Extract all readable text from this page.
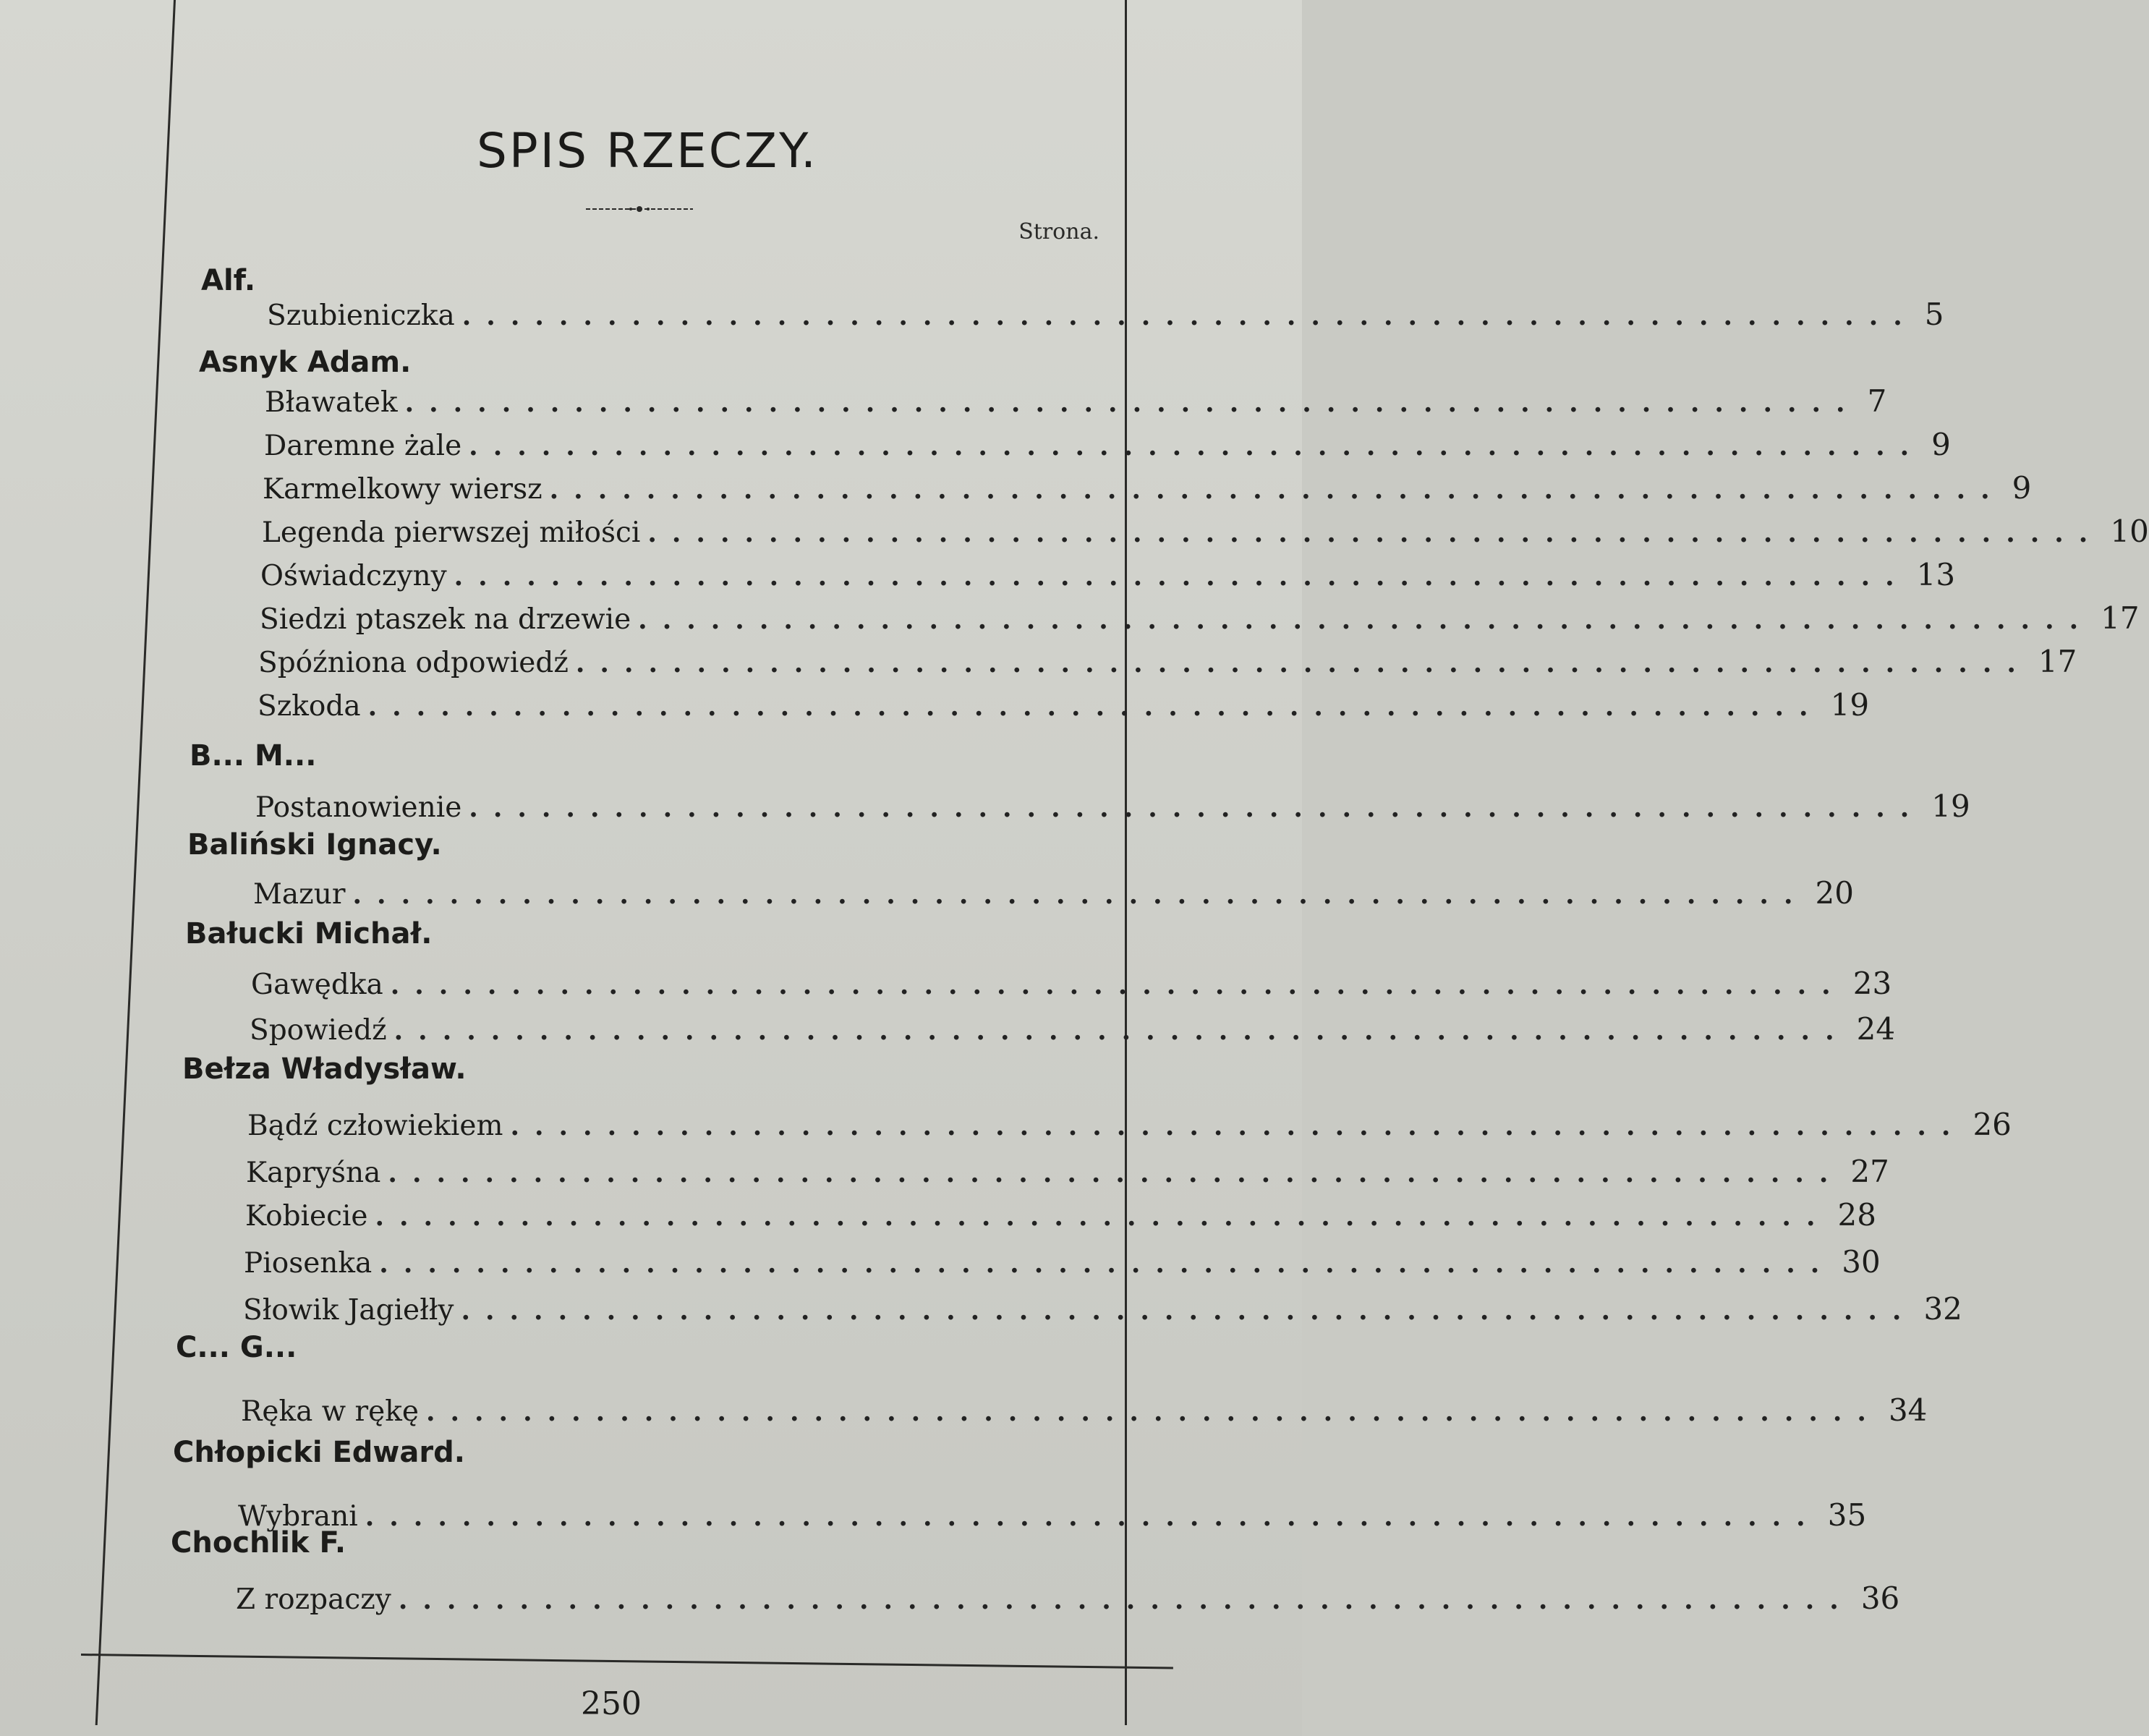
SPIS RZECZY.
Strona.
Alf.
Szubieniczka ............................................................ 5
Asnyk Adam.
Bławatek ............................................................ 7
Daremne żale ............................................................ 9
Karmelkowy wiersz ............................................................ 9
Legenda pierwszej miłości ............................................................ 10
Oświadczyny ............................................................ 13
Siedzi ptaszek na drzewie ............................................................ 17
Spóźniona odpowiedź ............................................................ 17
Szkoda ............................................................ 19
B... M...
Postanowienie ............................................................ 19
Baliński Ignacy.
Mazur ............................................................ 20
Bałucki Michał.
Gawędka ............................................................ 23
Spowiedź ............................................................ 24
Bełza Władysław.
Bądź człowiekiem ............................................................ 26
Kapryśna ............................................................ 27
Kobiecie ............................................................ 28
Piosenka ............................................................ 30
Słowik Jagiełły ............................................................ 32
C... G...
Ręka w rękę ............................................................ 34
Chłopicki Edward.
Wybrani ............................................................ 35
Chochlik F.
Z rozpaczy ............................................................ 36
250
